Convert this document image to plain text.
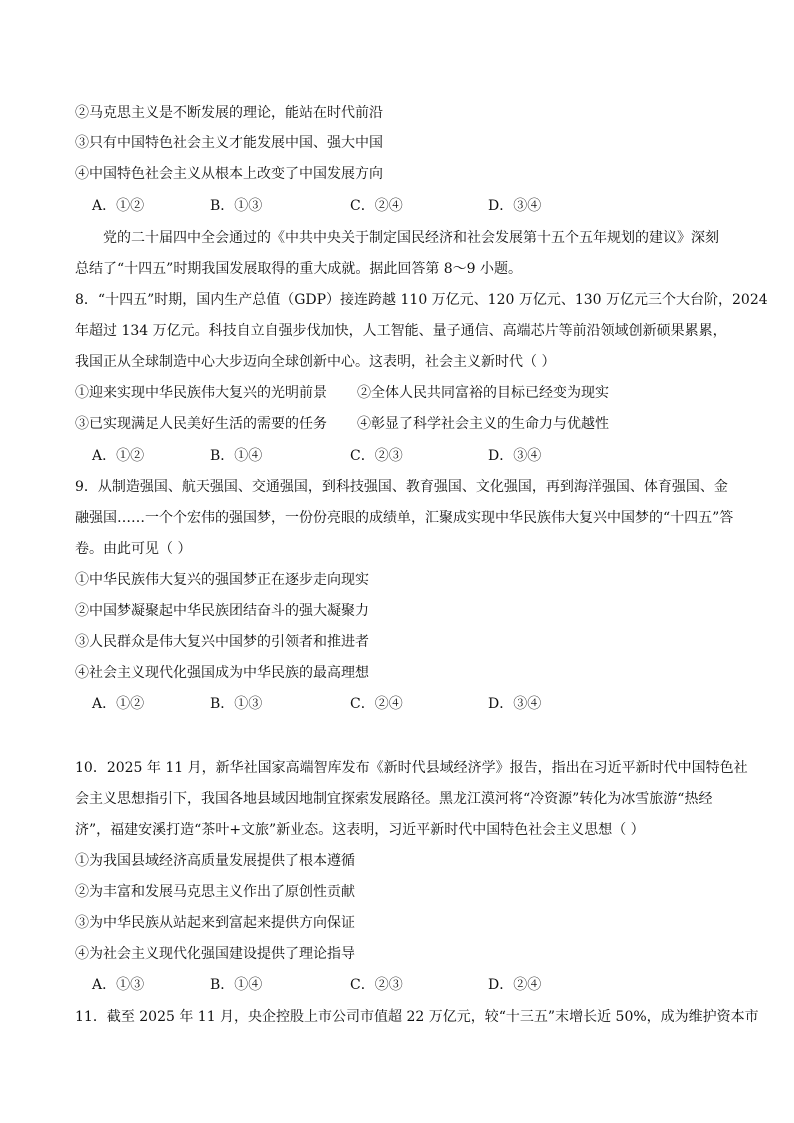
②马克思主义是不断发展的理论，能站在时代前沿
③只有中国特色社会主义才能发展中国、强大中国
④中国特色社会主义从根本上改变了中国发展方向
A．①②	B．①③	C．②④	D．③④
党的二十届四中全会通过的《中共中央关于制定国民经济和社会发展第十五个五年规划的建议》深刻
总结了“十四五”时期我国发展取得的重大成就。据此回答第 8～9 小题。
8．“十四五”时期，国内生产总值（GDP）接连跨越 110 万亿元、120 万亿元、130 万亿元三个大台阶，2024
年超过 134 万亿元。科技自立自强步伐加快，人工智能、量子通信、高端芯片等前沿领域创新硕果累累，
我国正从全球制造中心大步迈向全球创新中心。这表明，社会主义新时代（ ）
①迎来实现中华民族伟大复兴的光明前景 ②全体人民共同富裕的目标已经变为现实
③已实现满足人民美好生活的需要的任务 ④彰显了科学社会主义的生命力与优越性
A．①②	B．①④	C．②③	D．③④
9．从制造强国、航天强国、交通强国，到科技强国、教育强国、文化强国，再到海洋强国、体育强国、金
融强国……一个个宏伟的强国梦，一份份亮眼的成绩单，汇聚成实现中华民族伟大复兴中国梦的“十四五”答
卷。由此可见（ ）
①中华民族伟大复兴的强国梦正在逐步走向现实
②中国梦凝聚起中华民族团结奋斗的强大凝聚力
③人民群众是伟大复兴中国梦的引领者和推进者
④社会主义现代化强国成为中华民族的最高理想
A．①②	B．①③	C．②④	D．③④
10．2025 年 11 月，新华社国家高端智库发布《新时代县域经济学》报告，指出在习近平新时代中国特色社
会主义思想指引下，我国各地县域因地制宜探索发展路径。黑龙江漠河将“冷资源”转化为冰雪旅游“热经
济”，福建安溪打造“茶叶+文旅”新业态。这表明，习近平新时代中国特色社会主义思想（ ）
①为我国县域经济高质量发展提供了根本遵循
②为丰富和发展马克思主义作出了原创性贡献
③为中华民族从站起来到富起来提供方向保证
④为社会主义现代化强国建设提供了理论指导
A．①③	B．①④	C．②③	D．②④
11．截至 2025 年 11 月，央企控股上市公司市值超 22 万亿元，较“十三五”末增长近 50%，成为维护资本市
